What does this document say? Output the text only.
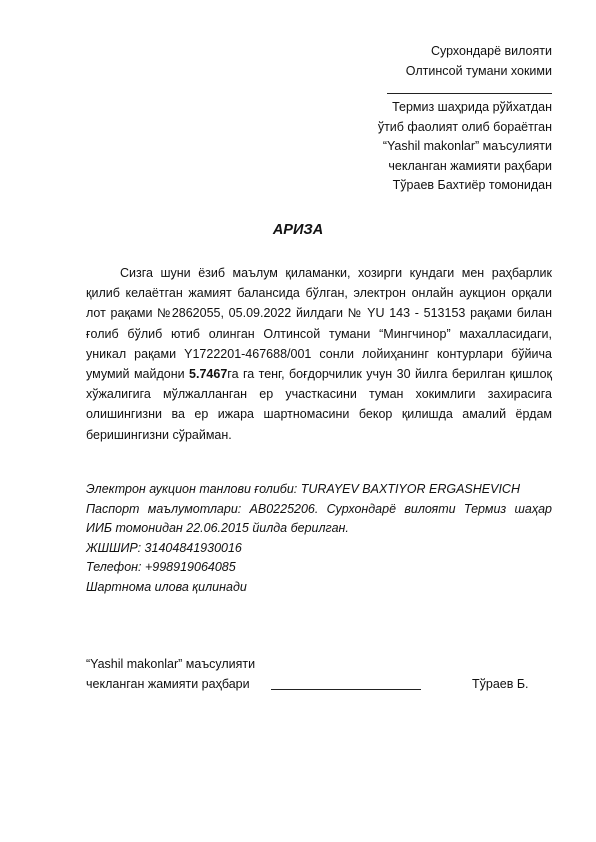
Сурхондарё вилояти
Олтинсой тумани хокими
Термиз шаҳрида рўйхатдан
ўтиб фаолият олиб бораётган
“Yashil makonlar” маъсулияти
чекланган жамияти раҳбари
Тўраев Бахтиёр томонидан
АРИЗА
Сизга шуни ёзиб маълум қиламанки, хозирги кундаги мен раҳбарлик қилиб келаётган жамият балансида бўлган, электрон онлайн аукцион орқали лот рақами №2862055, 05.09.2022 йилдаги № YU 143 - 513153 рақами билан ғолиб бўлиб ютиб олинган Олтинсой тумани “Мингчинор” махалласидаги, уникал рақами Y1722201-467688/001 сонли лойиҳанинг контурлари бўйича умумий майдони 5.7467га га тенг, боғдорчилик учун 30 йилга берилган қишлоқ хўжалигига мўлжалланган ер участкасини туман хокимлиги захирасига олишингизни ва ер ижара шартномасини бекор қилишда амалий ёрдам беришингизни сўрайман.
Электрон аукцион танлови ғолиби: TURAYEV BAXTIYOR ERGASHEVICH
Паспорт маълумотлари: АВ0225206. Сурхондарё вилояти Термиз шаҳар ИИБ томонидан 22.06.2015 йилда берилган.
ЖШШИР: 31404841930016
Телефон: +998919064085
Шартнома илова қилинади
“Yashil makonlar” маъсулияти
чекланган жамияти раҳбари	Тўраев Б.
